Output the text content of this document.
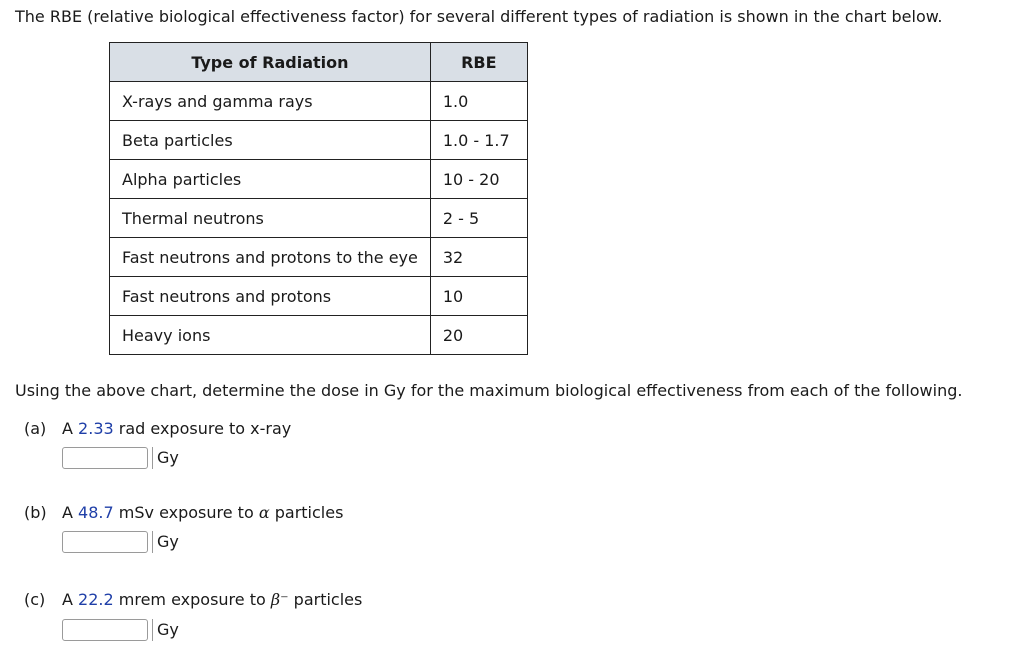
The RBE (relative biological effectiveness factor) for several different types of radiation is shown in the chart below.
Type of Radiation	RBE
X-rays and gamma rays	1.0
Beta particles	1.0 - 1.7
Alpha particles	10 - 20
Thermal neutrons	2 - 5
Fast neutrons and protons to the eye	32
Fast neutrons and protons	10
Heavy ions	20
Using the above chart, determine the dose in Gy for the maximum biological effectiveness from each of the following.
(a) A 2.33 rad exposure to x-ray
Gy
(b) A 48.7 mSv exposure to α particles
Gy
(c) A 22.2 mrem exposure to β⁻ particles
Gy
